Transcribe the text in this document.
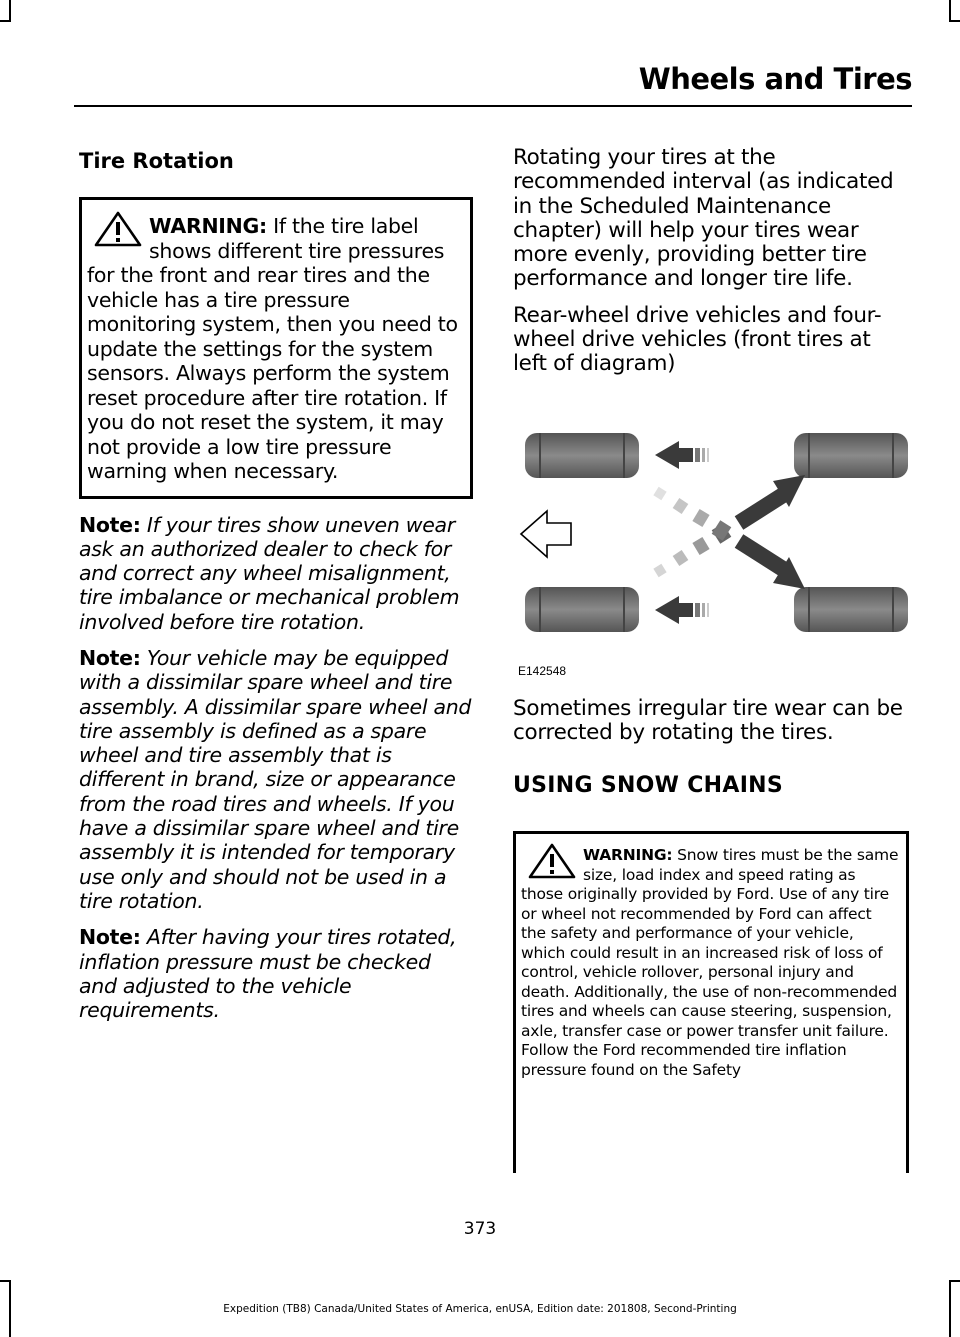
Wheels and Tires
Tire Rotation
WARNING: If the tire label shows different tire pressures for the front and rear tires and the vehicle has a tire pressure monitoring system, then you need to update the settings for the system sensors. Always perform the system reset procedure after tire rotation. If you do not reset the system, it may not provide a low tire pressure warning when necessary.

Note: If your tires show uneven wear ask an authorized dealer to check for and correct any wheel misalignment, tire imbalance or mechanical problem involved before tire rotation.

Note: Your vehicle may be equipped with a dissimilar spare wheel and tire assembly. A dissimilar spare wheel and tire assembly is defined as a spare wheel and tire assembly that is different in brand, size or appearance from the road tires and wheels. If you have a dissimilar spare wheel and tire assembly it is intended for temporary use only and should not be used in a tire rotation.

Note: After having your tires rotated, inflation pressure must be checked and adjusted to the vehicle requirements.

Rotating your tires at the recommended interval (as indicated in the Scheduled Maintenance chapter) will help your tires wear more evenly, providing better tire performance and longer tire life.

Rear-wheel drive vehicles and four-wheel drive vehicles (front tires at left of diagram)

E142548

Sometimes irregular tire wear can be corrected by rotating the tires.

USING SNOW CHAINS
WARNING: Snow tires must be the same size, load index and speed rating as those originally provided by Ford. Use of any tire or wheel not recommended by Ford can affect the safety and performance of your vehicle, which could result in an increased risk of loss of control, vehicle rollover, personal injury and death. Additionally, the use of non-recommended tires and wheels can cause steering, suspension, axle, transfer case or power transfer unit failure. Follow the Ford recommended tire inflation pressure found on the Safety
373
Expedition (TB8) Canada/United States of America, enUSA, Edition date: 201808, Second-Printing
